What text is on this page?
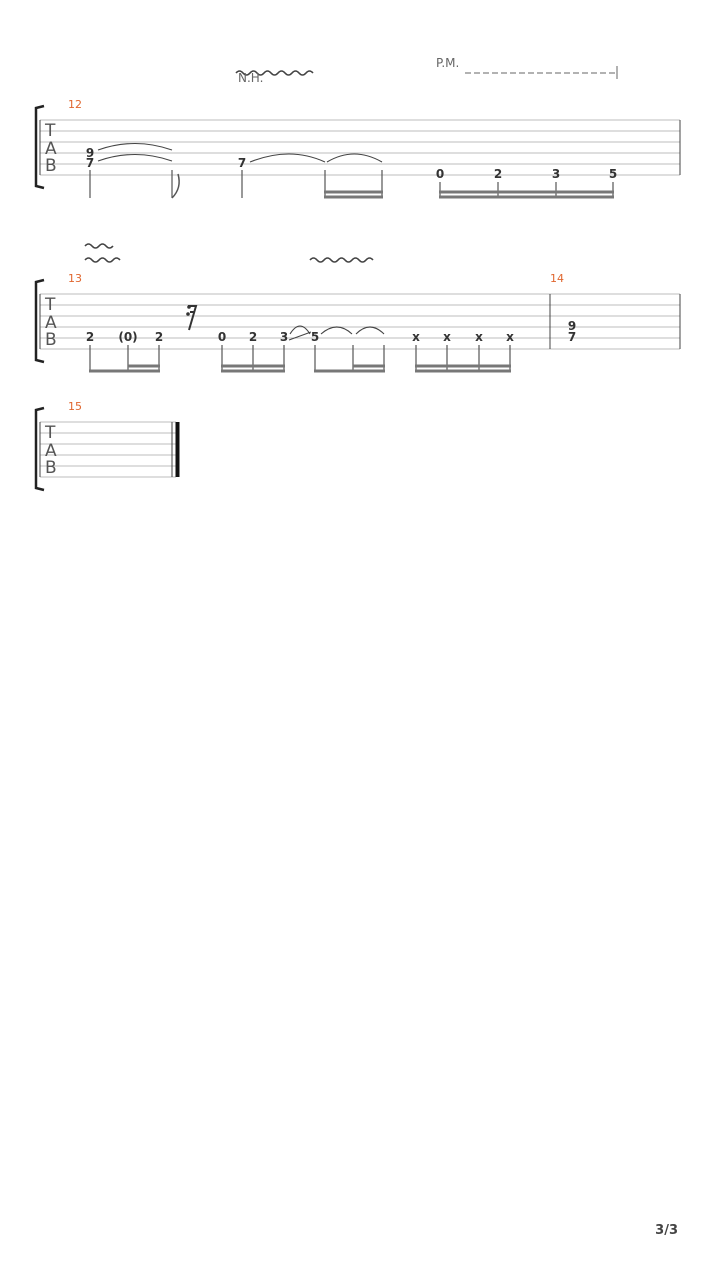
N.H.
P.M.
T
A
B
12
9
7	7
0	2	3	5
T
A
B
13	14
2 (0) 2	0 2 3 5	x x x x
9
7
T
A
B
15
3/3
